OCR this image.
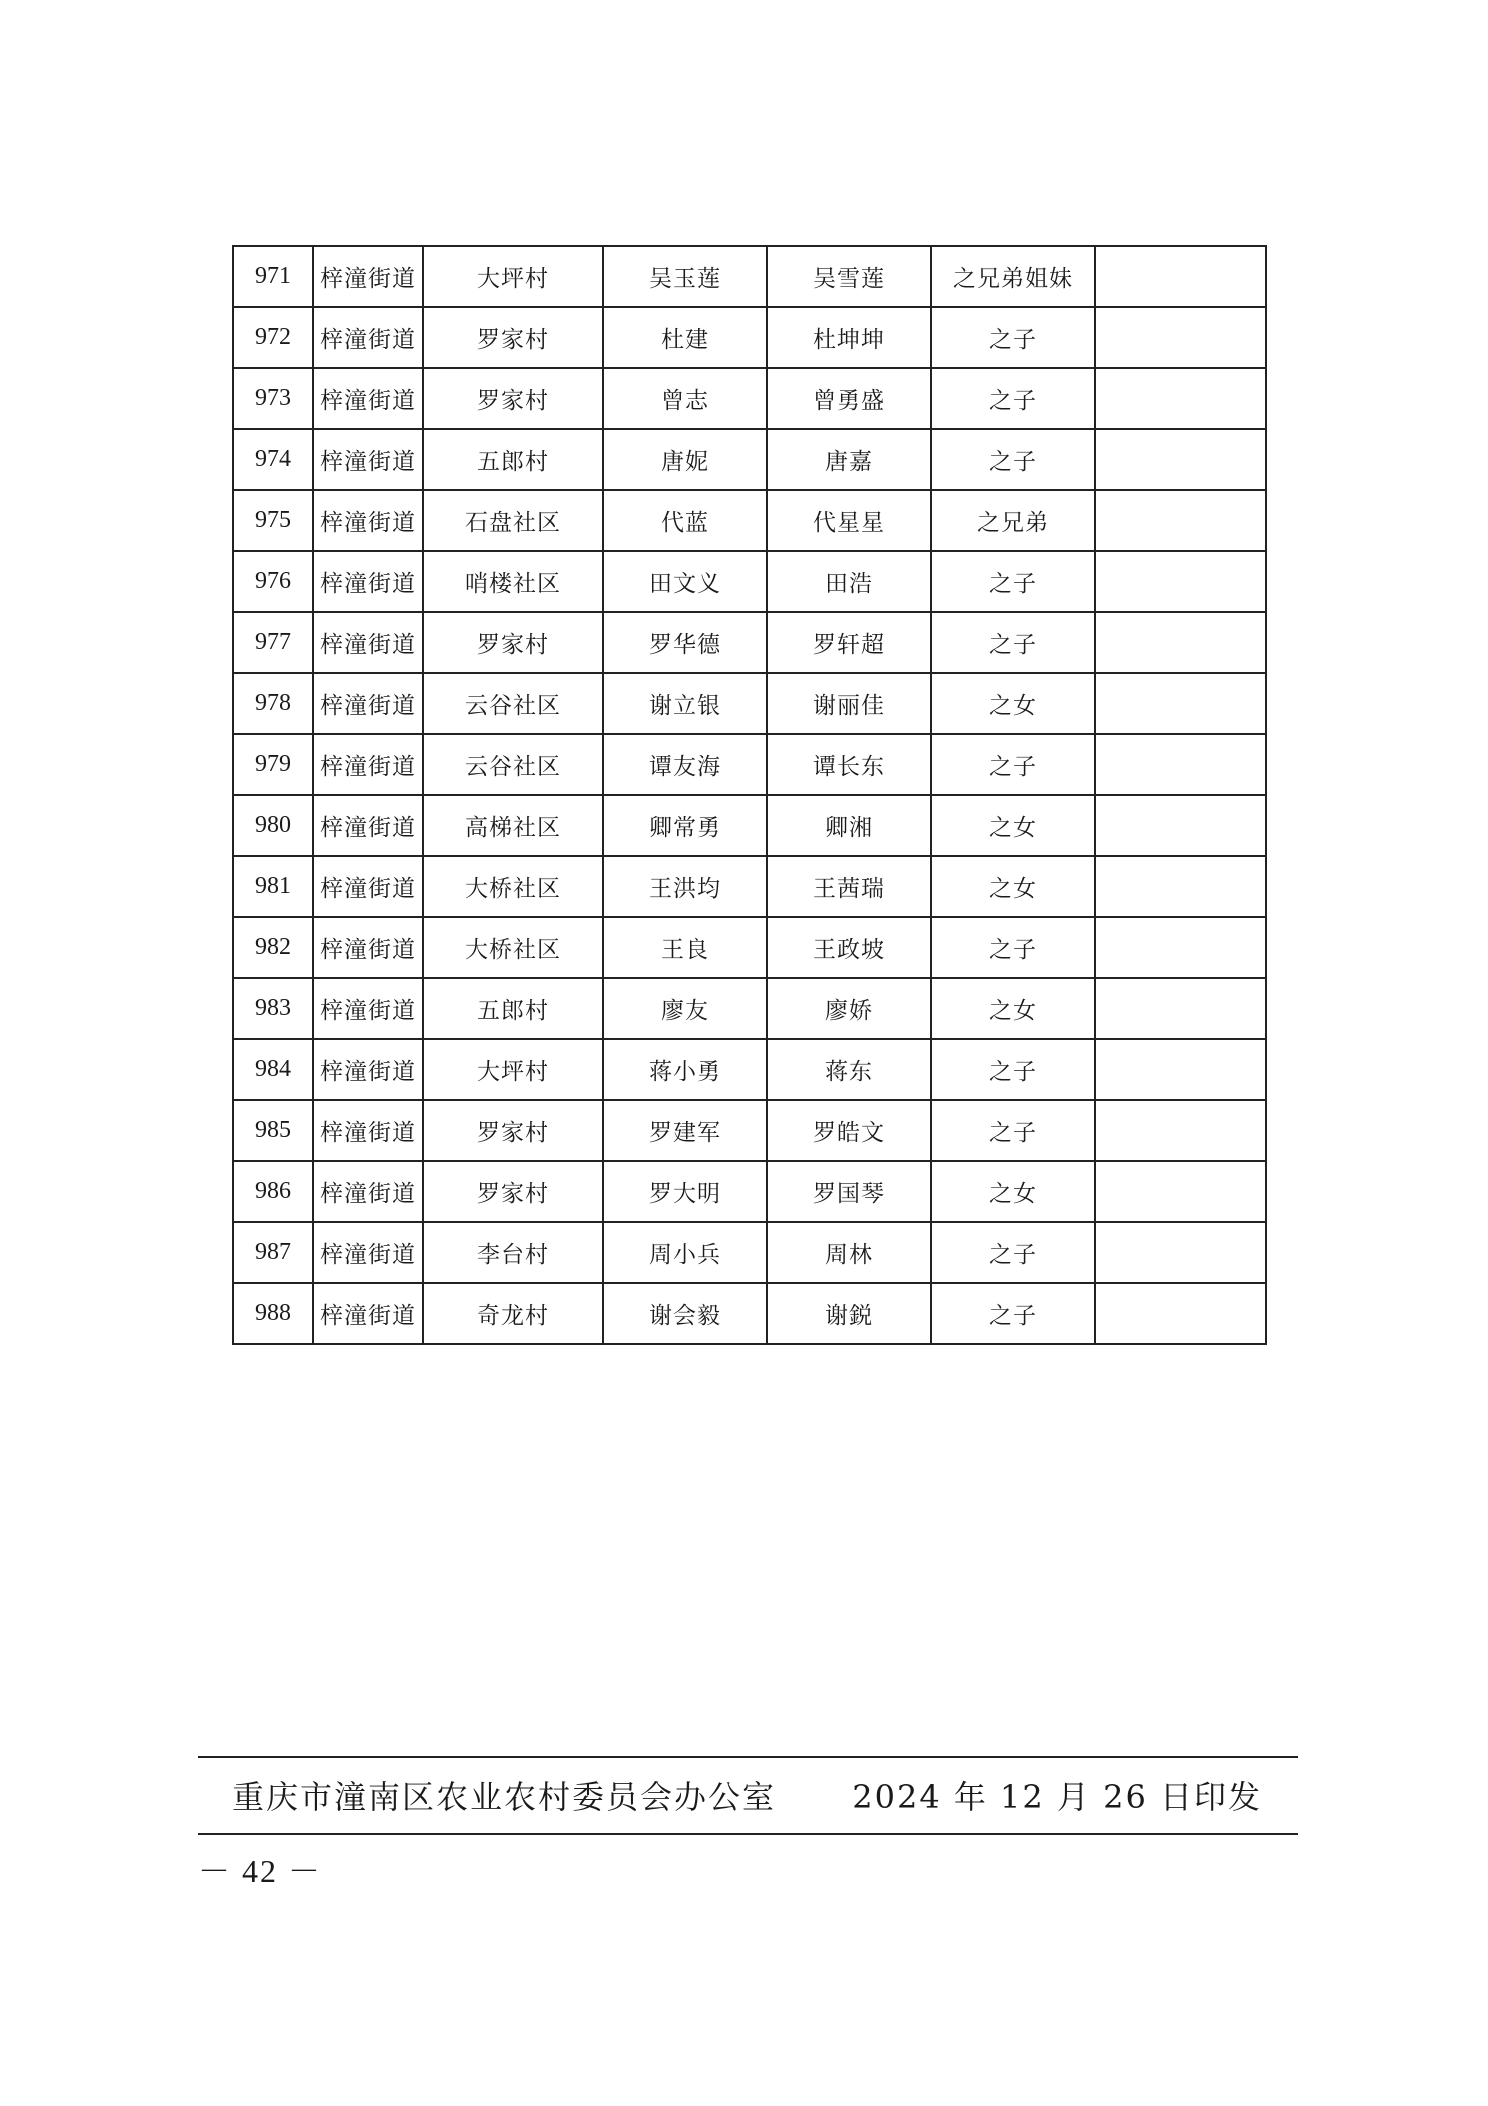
971	梓潼街道	大坪村	吴玉莲	吴雪莲	之兄弟姐妹	
972	梓潼街道	罗家村	杜建	杜坤坤	之子	
973	梓潼街道	罗家村	曾志	曾勇盛	之子	
974	梓潼街道	五郎村	唐妮	唐嘉	之子	
975	梓潼街道	石盘社区	代蓝	代星星	之兄弟	
976	梓潼街道	哨楼社区	田文义	田浩	之子	
977	梓潼街道	罗家村	罗华德	罗轩超	之子	
978	梓潼街道	云谷社区	谢立银	谢丽佳	之女	
979	梓潼街道	云谷社区	谭友海	谭长东	之子	
980	梓潼街道	高梯社区	卿常勇	卿湘	之女	
981	梓潼街道	大桥社区	王洪均	王茜瑞	之女	
982	梓潼街道	大桥社区	王良	王政坡	之子	
983	梓潼街道	五郎村	廖友	廖娇	之女	
984	梓潼街道	大坪村	蒋小勇	蒋东	之子	
985	梓潼街道	罗家村	罗建军	罗皓文	之子	
986	梓潼街道	罗家村	罗大明	罗国琴	之女	
987	梓潼街道	李台村	周小兵	周林	之子	
988	梓潼街道	奇龙村	谢会毅	谢鋭	之子	
重庆市潼南区农业农村委员会办公室 2024 年 12 月 26 日印发
－ 42 －
